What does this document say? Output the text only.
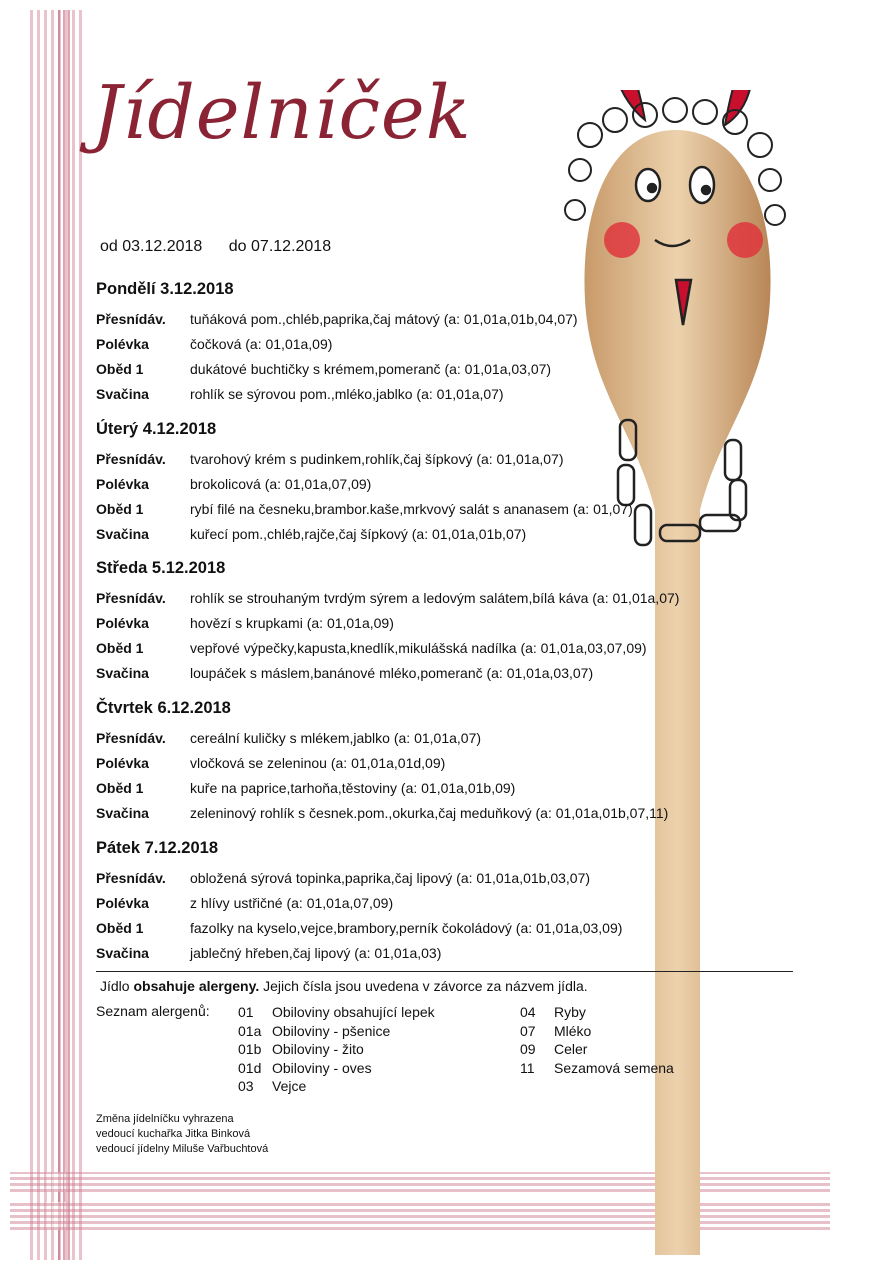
Jídelníček
od 03.12.2018 do 07.12.2018
Pondělí 3.12.2018
Přesnídáv.	tuňáková pom.,chléb,paprika,čaj mátový (a: 01,01a,01b,04,07)
Polévka	čočková (a: 01,01a,09)
Oběd 1	dukátové buchtičky s krémem,pomeranč (a: 01,01a,03,07)
Svačina	rohlík se sýrovou pom.,mléko,jablko (a: 01,01a,07)
Úterý 4.12.2018
Přesnídáv.	tvarohový krém s pudinkem,rohlík,čaj šípkový (a: 01,01a,07)
Polévka	brokolicová (a: 01,01a,07,09)
Oběd 1	rybí filé na česneku,brambor.kaše,mrkvový salát s ananasem (a: 01,07)
Svačina	kuřecí pom.,chléb,rajče,čaj šípkový (a: 01,01a,01b,07)
Středa 5.12.2018
Přesnídáv.	rohlík se strouhaným tvrdým sýrem a ledovým salátem,bílá káva (a: 01,01a,07)
Polévka	hovězí s krupkami (a: 01,01a,09)
Oběd 1	vepřové výpečky,kapusta,knedlík,mikulášská nadílka (a: 01,01a,03,07,09)
Svačina	loupáček s máslem,banánové mléko,pomeranč (a: 01,01a,03,07)
Čtvrtek 6.12.2018
Přesnídáv.	cereální kuličky s mlékem,jablko (a: 01,01a,07)
Polévka	vločková se zeleninou (a: 01,01a,01d,09)
Oběd 1	kuře na paprice,tarhoňa,těstoviny (a: 01,01a,01b,09)
Svačina	zeleninový rohlík s česnek.pom.,okurka,čaj meduňkový (a: 01,01a,01b,07,11)
Pátek 7.12.2018
Přesnídáv.	obložená sýrová topinka,paprika,čaj lipový (a: 01,01a,01b,03,07)
Polévka	z hlívy ustřičné (a: 01,01a,07,09)
Oběd 1	fazolky na kyselo,vejce,brambory,perník čokoládový (a: 01,01a,03,09)
Svačina	jablečný hřeben,čaj lipový (a: 01,01a,03)
Jídlo obsahuje alergeny. Jejich čísla jsou uvedena v závorce za názvem jídla.
Seznam alergenů: 01	Obiloviny obsahující lepek
01a Obiloviny - pšenice
01b Obiloviny - žito
01d Obiloviny - oves
03	Vejce
04	Ryby
07	Mléko
09	Celer
11	Sezamová semena
Změna jídelníčku vyhrazena
vedoucí kuchařka Jitka Binková
vedoucí jídelny Miluše Vařbuchtová
